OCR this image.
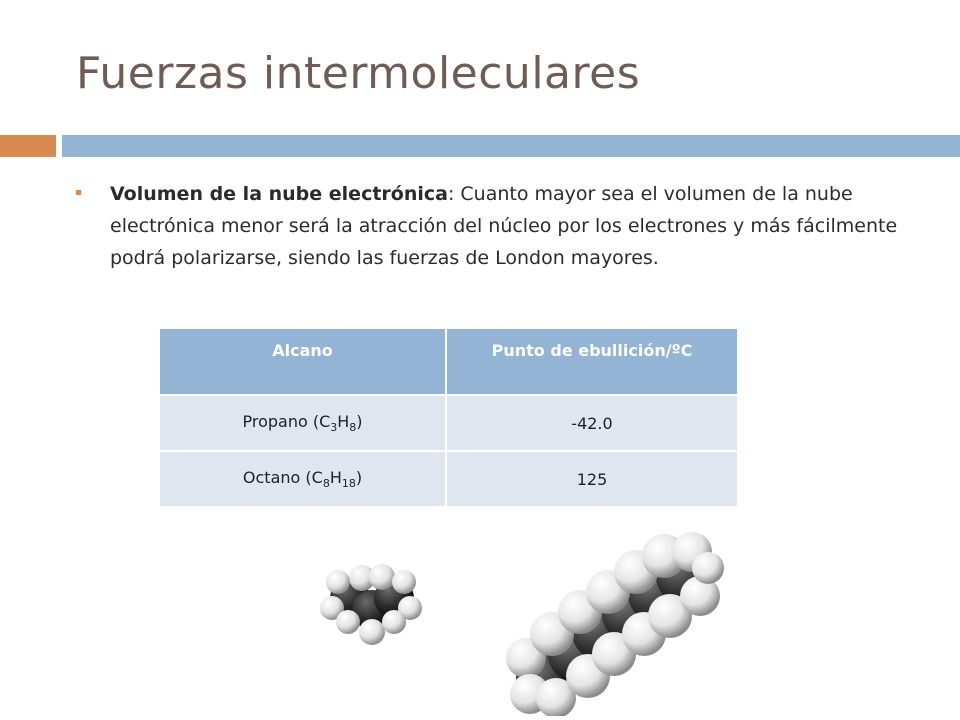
Fuerzas intermoleculares
Volumen de la nube electrónica: Cuanto mayor sea el volumen de la nube electrónica menor será la atracción del núcleo por los electrones y más fácilmente podrá polarizarse, siendo las fuerzas de London mayores.
Alcano	Punto de ebullición/ºC
Propano $(C_3H_8)$	-42.0
Octano $(C_8H_{18})$	125
